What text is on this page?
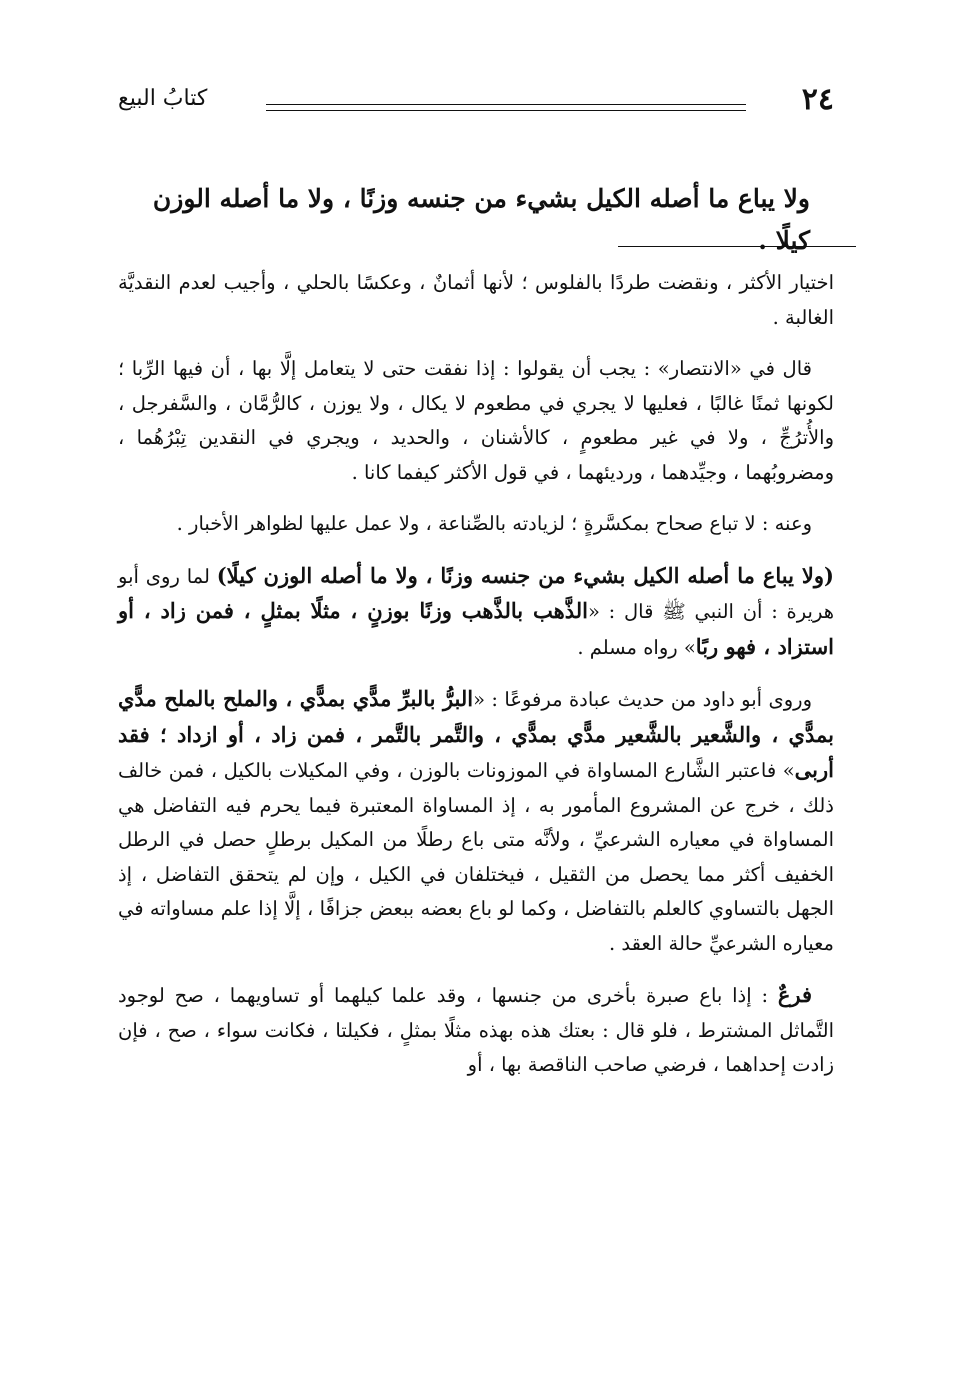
٢٤
كتابُ البيع
ولا يباع ما أصله الكيل بشيء من جنسه وزنًا ، ولا ما أصله الوزن كيلًا .

اختيار الأكثر ، ونقضت طردًا بالفلوس ؛ لأنها أثمانٌ ، وعكسًا بالحلي ، وأجيب لعدم النقديَّة الغالبة .

قال في «الانتصار» : يجب أن يقولوا : إذا نفقت حتى لا يتعامل إلَّا بها ، أن فيها الرِّبا ؛ لكونها ثمنًا غالبًا ، فعليها لا يجري في مطعوم لا يكال ، ولا يوزن ، كالرُّمَّان ، والسَّفرجل ، والأُترُجِّ ، ولا في غير مطعومٍ ، كالأشنان ، والحديد ، ويجري في النقدين تِبْرُهُما ، ومضروبُهما ، وجيِّدهما ، ورديئهما ، في قول الأكثر كيفما كانا .

وعنه : لا تباع صحاح بمكسَّرةٍ ؛ لزيادته بالصِّناعة ، ولا عمل عليها لظواهر الأخبار .

(ولا يباع ما أصله الكيل بشيء من جنسه وزنًا ، ولا ما أصله الوزن كيلًا) لما روى أبو هريرة : أن النبي ﷺ قال : «الذَّهب بالذَّهب وزنًا بوزنٍ ، مثلًا بمثلٍ ، فمن زاد ، أو استزاد ، فهو ربًا» رواه مسلم .

وروى أبو داود من حديث عبادة مرفوعًا : «البرُّ بالبرِّ مدًّي بمدًّي ، والملح بالملح مدًّي بمدًّي ، والشَّعير بالشَّعير مدًّي بمدًّي ، والتَّمر بالتَّمر ، فمن زاد ، أو ازداد ؛ فقد أربى» فاعتبر الشَّارع المساواة في الموزونات بالوزن ، وفي المكيلات بالكيل ، فمن خالف ذلك ، خرج عن المشروع المأمور به ، إذ المساواة المعتبرة فيما يحرم فيه التفاضل هي المساواة في معياره الشرعيِّ ، ولأنَّه متى باع رطلًا من المكيل برطلٍ حصل في الرطل الخفيف أكثر مما يحصل من الثقيل ، فيختلفان في الكيل ، وإن لم يتحقق التفاضل ، إذ الجهل بالتساوي كالعلم بالتفاضل ، وكما لو باع بعضه ببعض جزافًا ، إلَّا إذا علم مساواته في معياره الشرعيِّ حالة العقد .

فرعٌ : إذا باع صبرة بأخرى من جنسها ، وقد علما كيلهما أو تساويهما ، صح لوجود التَّماثل المشترط ، فلو قال : بعتك هذه بهذه مثلًا بمثلٍ ، فكيلتا ، فكانت سواء ، صح ، فإن زادت إحداهما ، فرضي صاحب الناقصة بها ، أو
